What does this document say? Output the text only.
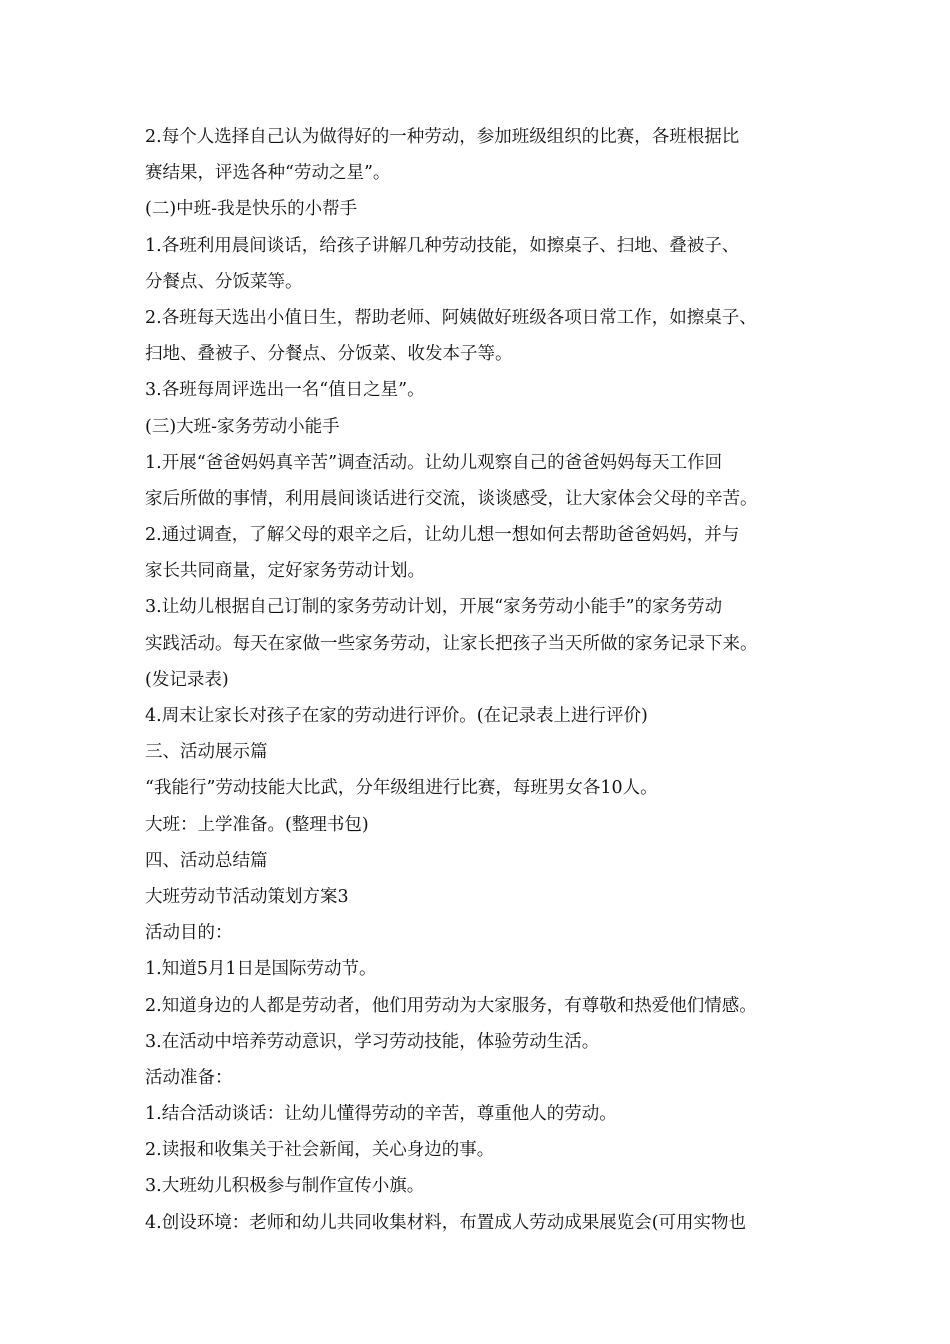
2.每个人选择自己认为做得好的一种劳动，参加班级组织的比赛，各班根据比
赛结果，评选各种“劳动之星”。
(二)中班-我是快乐的小帮手
1.各班利用晨间谈话，给孩子讲解几种劳动技能，如擦桌子、扫地、叠被子、
分餐点、分饭菜等。
2.各班每天选出小值日生，帮助老师、阿姨做好班级各项日常工作，如擦桌子、
扫地、叠被子、分餐点、分饭菜、收发本子等。
3.各班每周评选出一名“值日之星”。
(三)大班-家务劳动小能手
1.开展“爸爸妈妈真辛苦”调查活动。让幼儿观察自己的爸爸妈妈每天工作回
家后所做的事情，利用晨间谈话进行交流，谈谈感受，让大家体会父母的辛苦。
2.通过调查，了解父母的艰辛之后，让幼儿想一想如何去帮助爸爸妈妈，并与
家长共同商量，定好家务劳动计划。
3.让幼儿根据自己订制的家务劳动计划，开展“家务劳动小能手”的家务劳动
实践活动。每天在家做一些家务劳动，让家长把孩子当天所做的家务记录下来。
(发记录表)
4.周末让家长对孩子在家的劳动进行评价。(在记录表上进行评价)
三、活动展示篇
“我能行”劳动技能大比武，分年级组进行比赛，每班男女各10人。
大班：上学准备。(整理书包)
四、活动总结篇
大班劳动节活动策划方案3
活动目的：
1.知道5月1日是国际劳动节。
2.知道身边的人都是劳动者，他们用劳动为大家服务，有尊敬和热爱他们情感。
3.在活动中培养劳动意识，学习劳动技能，体验劳动生活。
活动准备：
1.结合活动谈话：让幼儿懂得劳动的辛苦，尊重他人的劳动。
2.读报和收集关于社会新闻，关心身边的事。
3.大班幼儿积极参与制作宣传小旗。
4.创设环境：老师和幼儿共同收集材料，布置成人劳动成果展览会(可用实物也
